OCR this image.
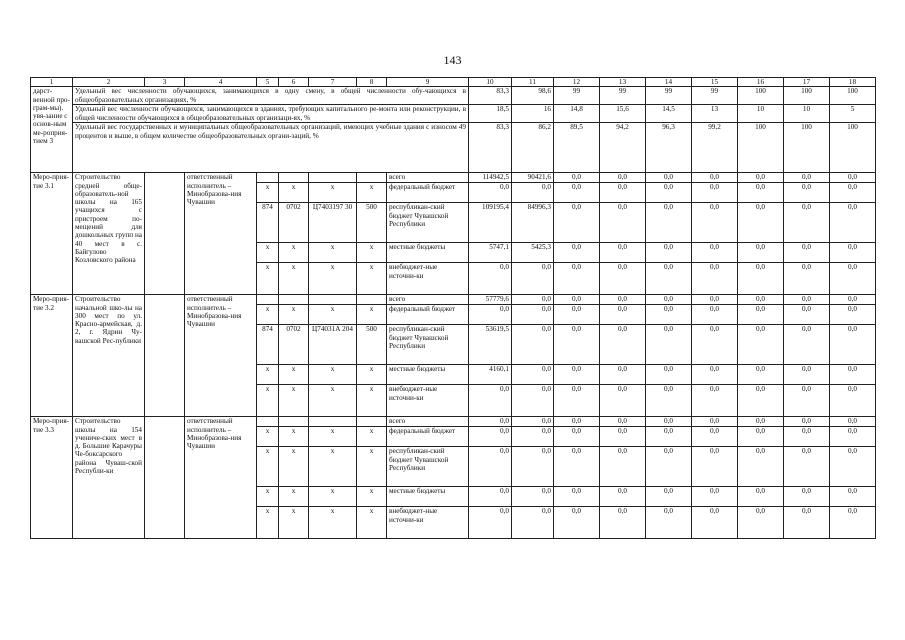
143
1	2	3	4	5	6	7	8	9	10	11	12	13	14	15	16	17	18
дарст-венной про-грам-мы). увя-зание с основ-ным ме-роприя-тием 3	Удельный вес численности обучающихся, занимающихся в одну смену, в общей численности обу-чающихся в общеобразовательных организациях, %								83,3	98,6	99	99	99	99	100	100	100
	Удельный вес численности обучающихся, занимающихся в зданиях, требующих капитального ре-монта или реконструкции, в общей численности обучающихся в общеобразовательных организаци-ях, %								18,5	16	14,8	15,6	14,5	13	10	10	5
	Удельный вес государственных и муниципальных общеобразовательных организаций, имеющих учебные здания с износом 49 процентов и выше, в общем количестве общеобразовательных органи-заций, %								83,3	86,2	89,5	94,2	96,3	99,2	100	100	100
Меро-прия-тие 3.1	Строительство средней обще-образователь-ной школы на 165 учащихся с пристроем по-мещений для дошкольных групп на 40 мест в с. Байгулово Козловского района		ответственный исполнитель – Минобразова-ния Чувашии					всего	114942,5	90421,6	0,0	0,0	0,0	0,0	0,0	0,0	0,0
				x	x	x	x	федеральный бюджет	0,0	0,0	0,0	0,0	0,0	0,0	0,0	0,0	0,0
				874	0702	Ц7403197 30	500	республикан-ский бюджет Чувашской Республики	109195,4	84996,3	0,0	0,0	0,0	0,0	0,0	0,0	0,0
				x	x	x	x	местные бюджеты	5747,1	5425,3	0,0	0,0	0,0	0,0	0,0	0,0	0,0
				x	x	x	x	внебюджет-ные источни-ки	0,0	0,0	0,0	0,0	0,0	0,0	0,0	0,0	0,0
Меро-прия-тие 3.2	Строительство начальной шко-лы на 300 мест по ул. Красно-армейская, д. 2, г. Ядрин Чу-вашской Рес-публики		ответственный исполнитель – Минобразова-ния Чувашии					всего	57779,6	0,0	0,0	0,0	0,0	0,0	0,0	0,0	0,0
				x	x	x	x	федеральный бюджет	0,0	0,0	0,0	0,0	0,0	0,0	0,0	0,0	0,0
				874	0702	Ц74031А 204	500	республикан-ский бюджет Чувашской Республики	53619,5	0,0	0,0	0,0	0,0	0,0	0,0	0,0	0,0
				x	x	x	x	местные бюджеты	4160,1	0,0	0,0	0,0	0,0	0,0	0,0	0,0	0,0
				x	x	x	x	внебюджет-ные источни-ки	0,0	0,0	0,0	0,0	0,0	0,0	0,0	0,0	0,0
Меро-прия-тие 3.3	Строительство школы на 154 учениче-ских мест в д. Большие Карачуры Че-боксарского района Чуваш-ской Республи-ки		ответственный исполнитель – Минобразова-ния Чувашии					всего	0,0	0,0	0,0	0,0	0,0	0,0	0,0	0,0	0,0
				x	x	x	x	федеральный бюджет	0,0	0,0	0,0	0,0	0,0	0,0	0,0	0,0	0,0
				x	x	x	x	республикан-ский бюджет Чувашской Республики	0,0	0,0	0,0	0,0	0,0	0,0	0,0	0,0	0,0
				x	x	x	x	местные бюджеты	0,0	0,0	0,0	0,0	0,0	0,0	0,0	0,0	0,0
				x	x	x	x	внебюджет-ные источни-ки	0,0	0,0	0,0	0,0	0,0	0,0	0,0	0,0	0,0
